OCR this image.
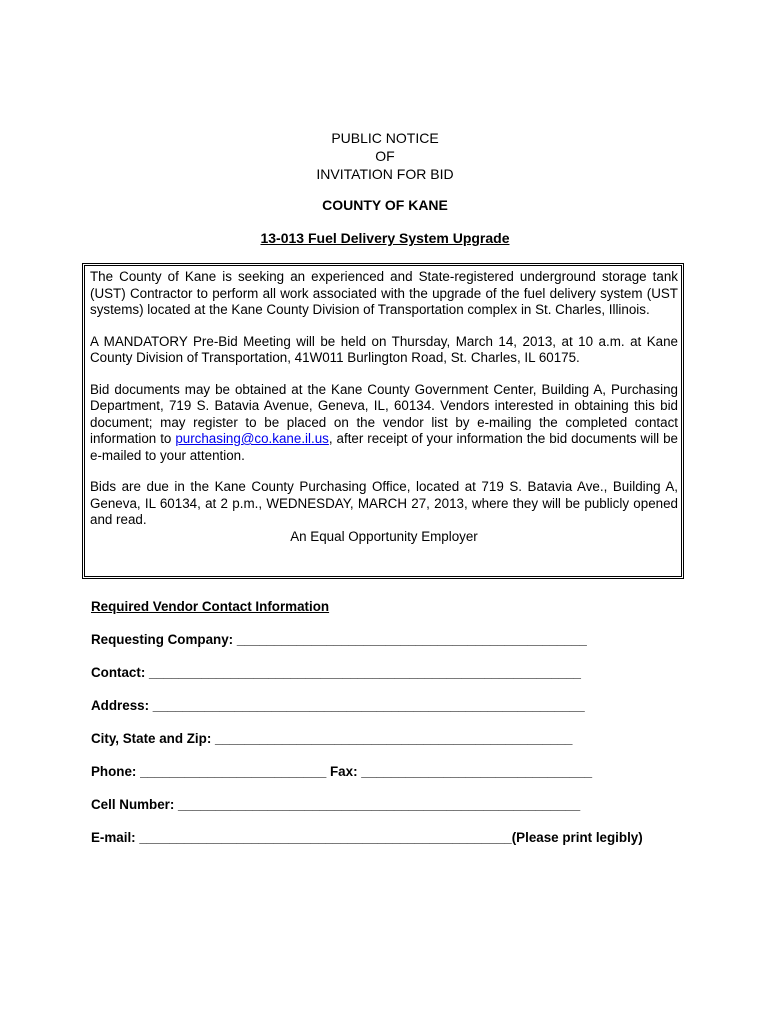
PUBLIC NOTICE
OF
INVITATION FOR BID
COUNTY OF KANE
13-013 Fuel Delivery System Upgrade

The County of Kane is seeking an experienced and State-registered underground storage tank (UST) Contractor to perform all work associated with the upgrade of the fuel delivery system (UST systems) located at the Kane County Division of Transportation complex in St. Charles, Illinois.

A MANDATORY Pre-Bid Meeting will be held on Thursday, March 14, 2013, at 10 a.m. at Kane County Division of Transportation, 41W011 Burlington Road, St. Charles, IL 60175.

Bid documents may be obtained at the Kane County Government Center, Building A, Purchasing Department, 719 S. Batavia Avenue, Geneva, IL, 60134. Vendors interested in obtaining this bid document; may register to be placed on the vendor list by e-mailing the completed contact information to purchasing@co.kane.il.us, after receipt of your information the bid documents will be e-mailed to your attention.

Bids are due in the Kane County Purchasing Office, located at 719 S. Batavia Ave., Building A, Geneva, IL 60134, at 2 p.m., WEDNESDAY, MARCH 27, 2013, where they will be publicly opened and read.

An Equal Opportunity Employer
Required Vendor Contact Information
Requesting Company: _______________________________________________
Contact: __________________________________________________________
Address: __________________________________________________________
City, State and Zip: ________________________________________________
Phone: _________________________ Fax: _______________________________
Cell Number: ______________________________________________________
E-mail: __________________________________________________(Please print legibly)
